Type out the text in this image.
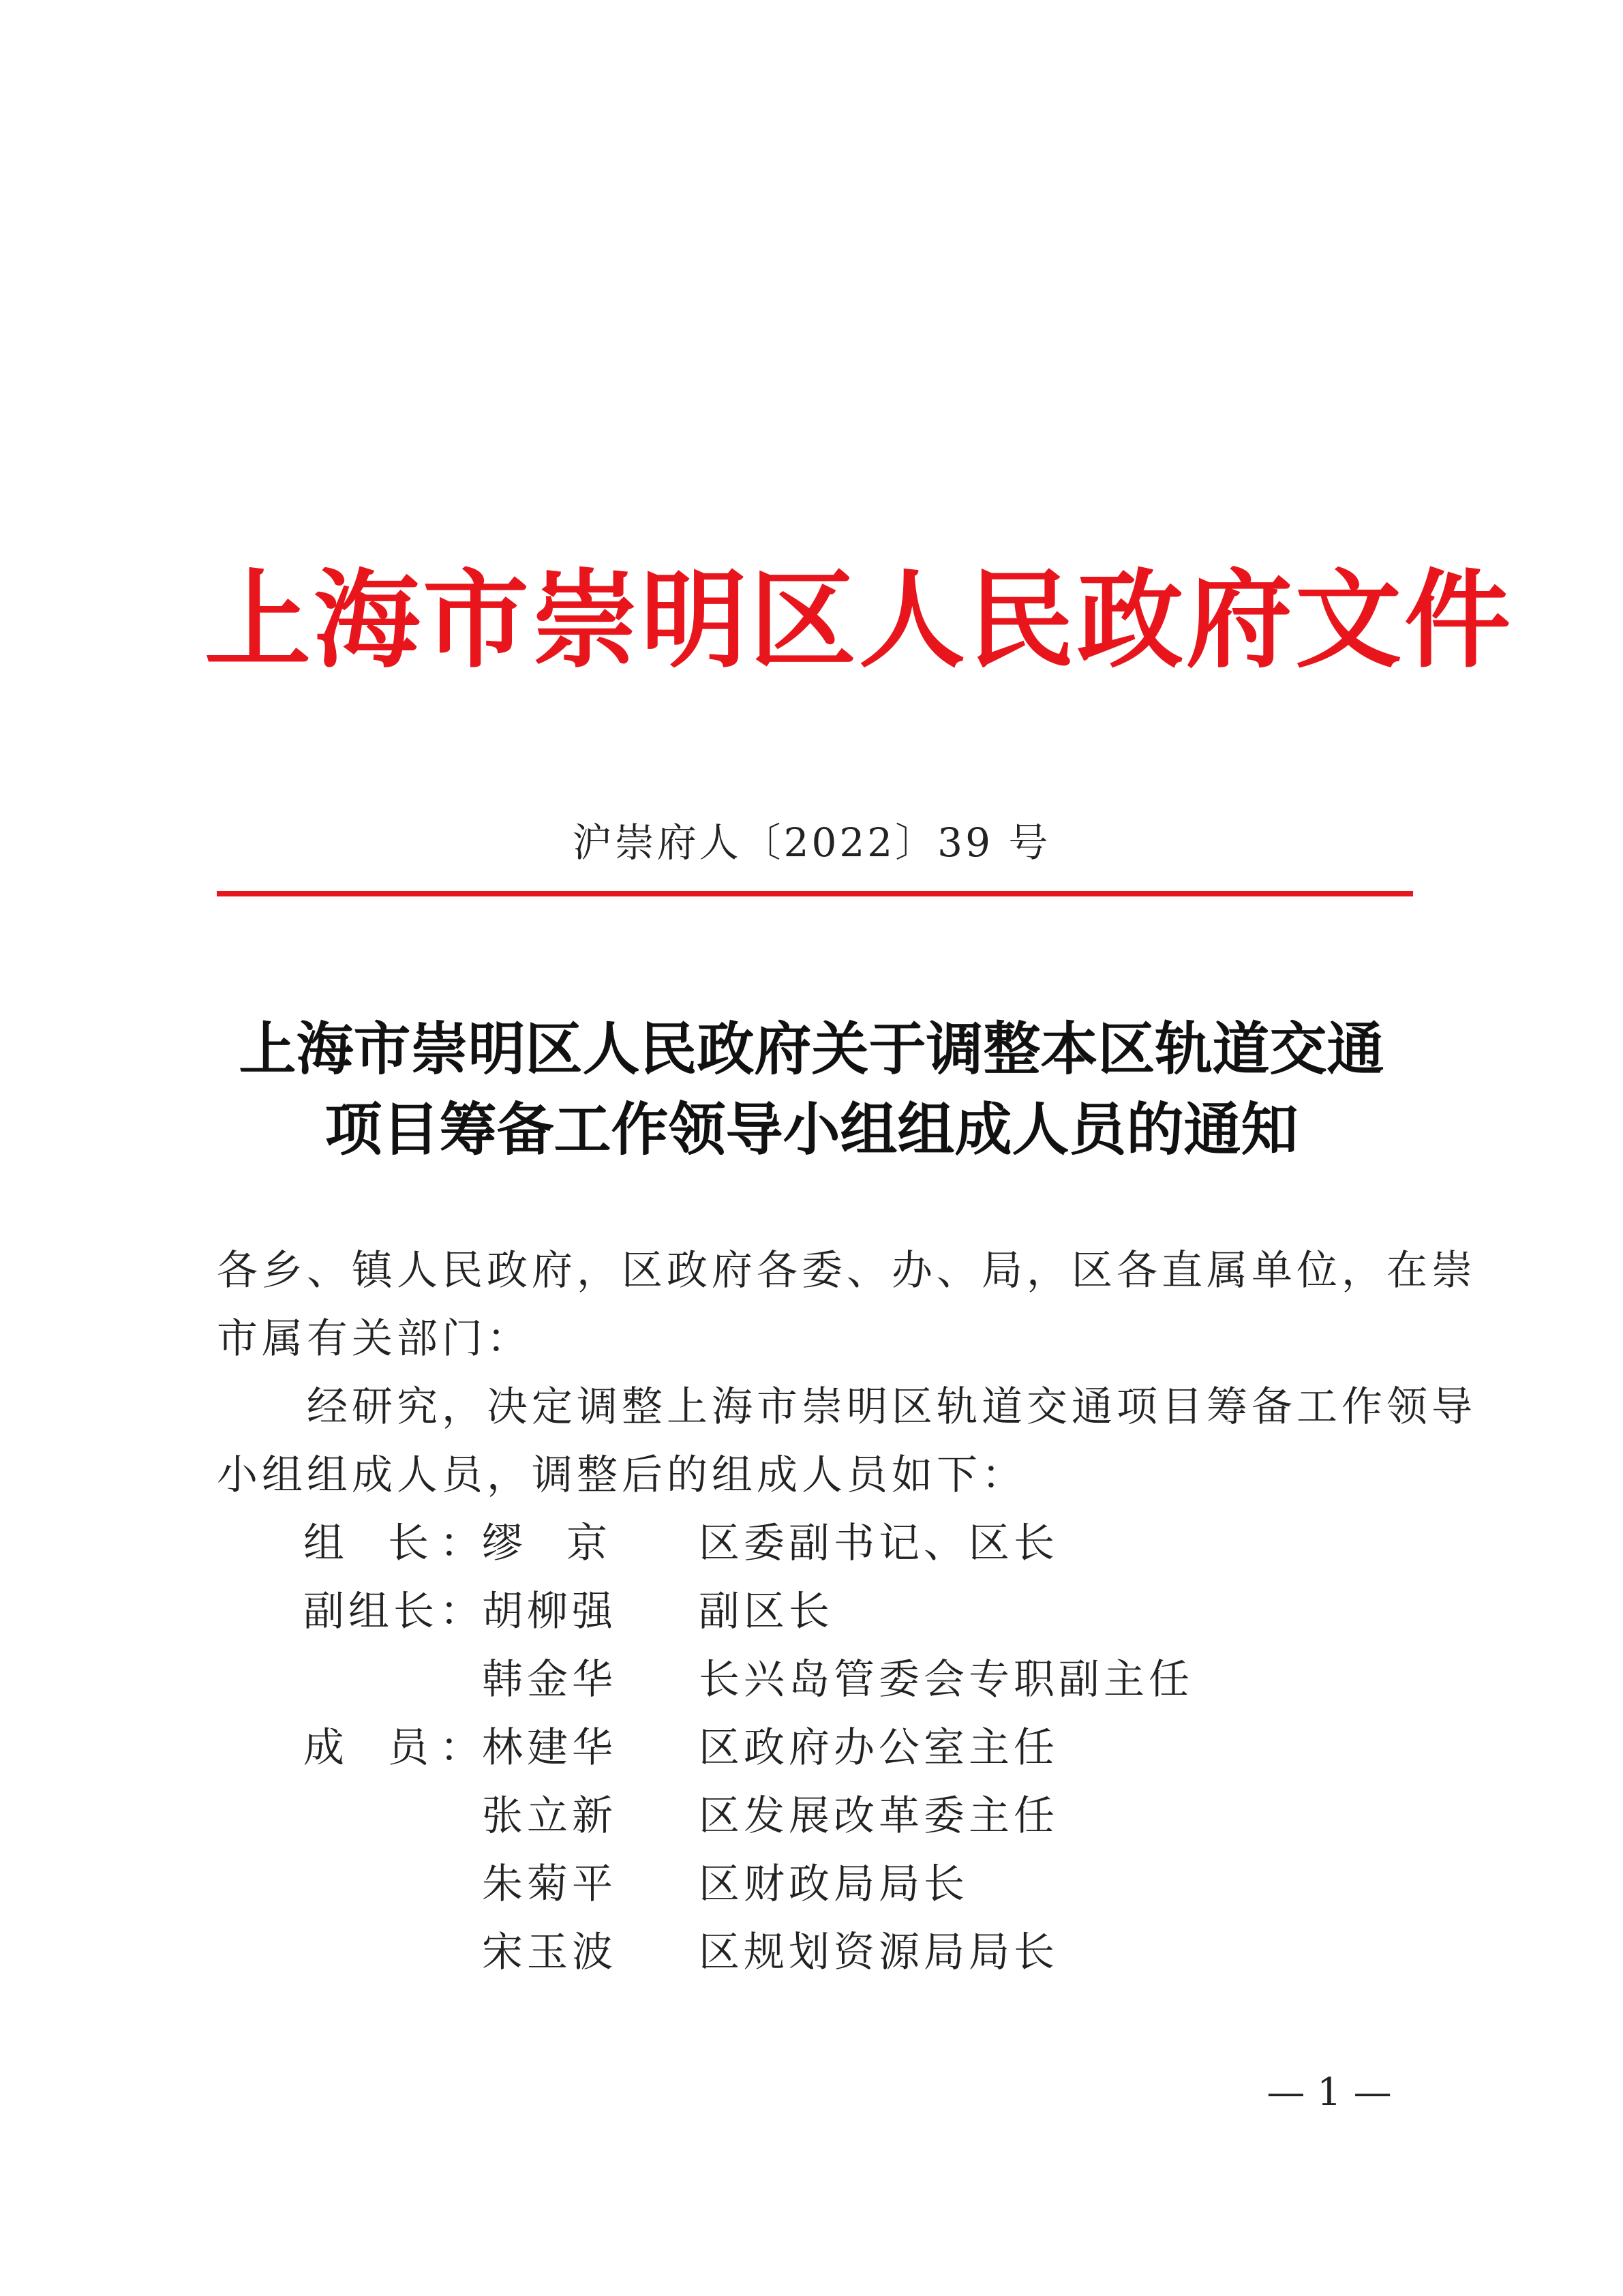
上海市崇明区人民政府文件
沪崇府人〔2022〕39 号
上海市崇明区人民政府关于调整本区轨道交通
项目筹备工作领导小组组成人员的通知
各乡、镇人民政府，区政府各委、办、局，区各直属单位，在崇
市属有关部门：
　　经研究，决定调整上海市崇明区轨道交通项目筹备工作领导
小组组成人员，调整后的组成人员如下：
组长 ：
缪京 区委副书记、区长
副组长 ：
胡柳强 副区长
韩金华 长兴岛管委会专职副主任
成员 ：
林建华 区政府办公室主任
张立新 区发展改革委主任
朱菊平 区财政局局长
宋玉波 区规划资源局局长
— 1 —
